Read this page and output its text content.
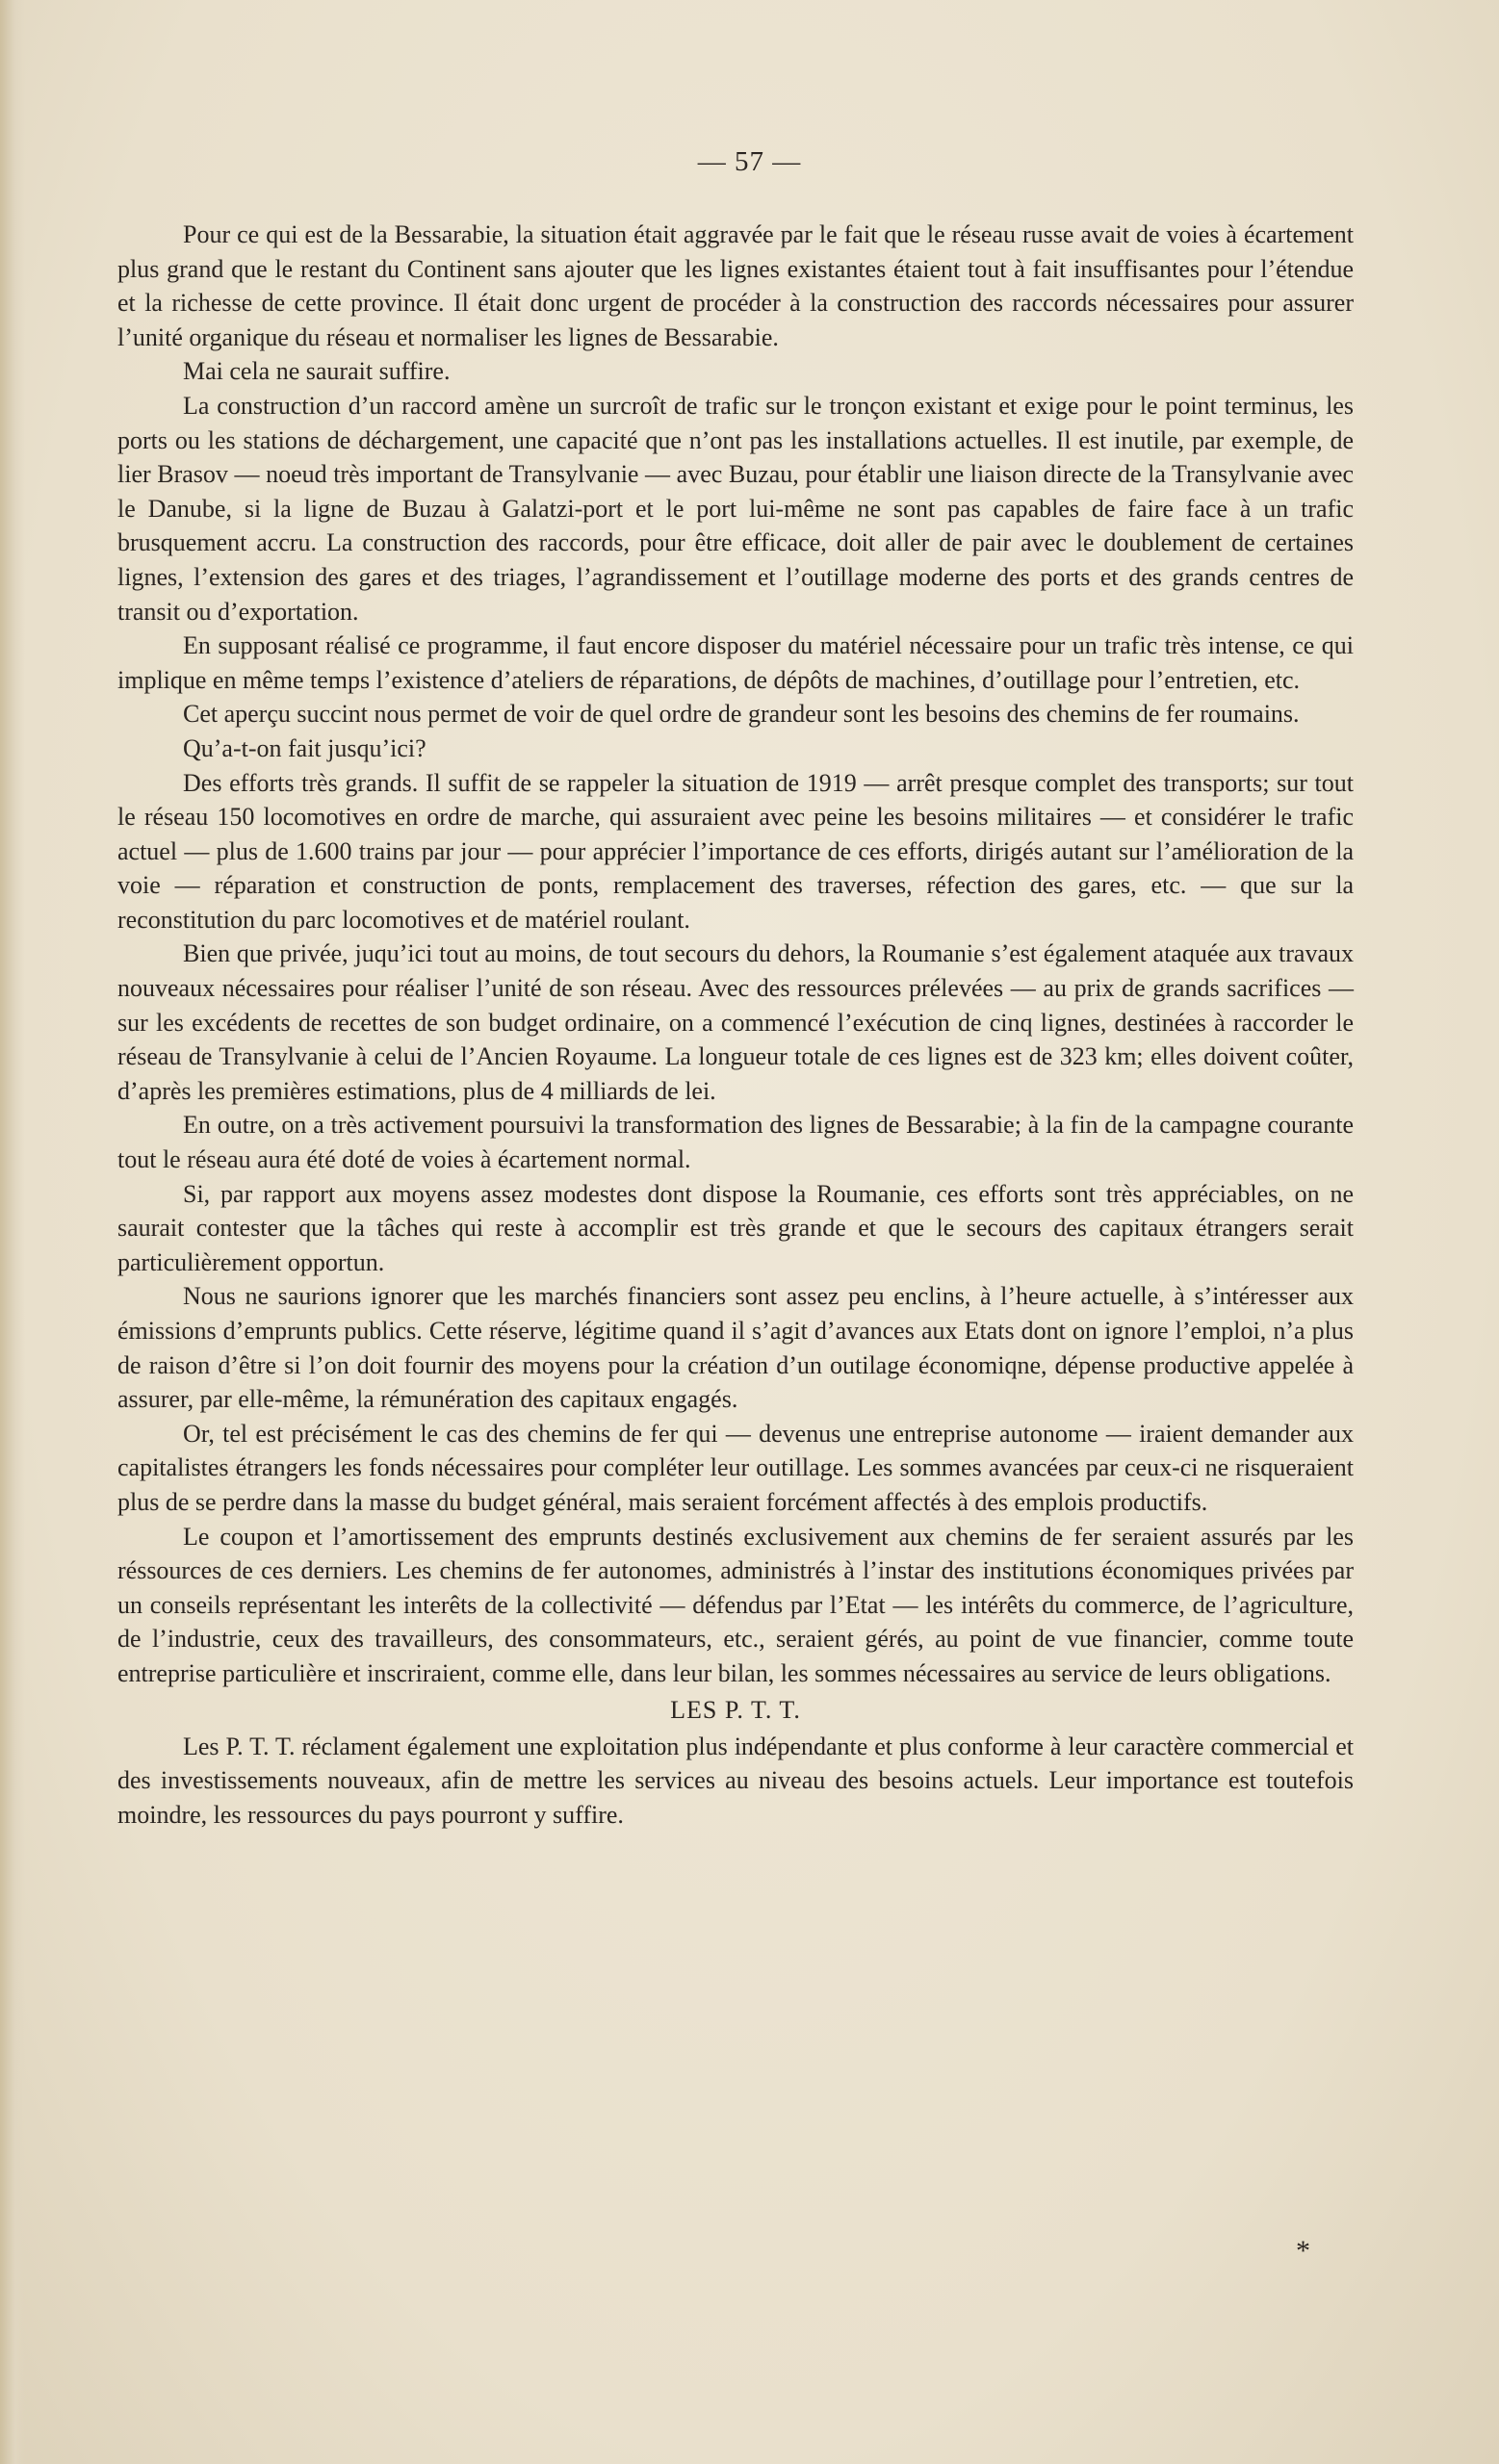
— 57 —

Pour ce qui est de la Bessarabie, la situation était aggravée par le fait que le réseau russe avait de voies à écartement plus grand que le restant du Continent sans ajouter que les lignes existantes étaient tout à fait insuffisantes pour l’étendue et la richesse de cette province. Il était donc urgent de procéder à la construction des raccords nécessaires pour assurer l’unité organique du réseau et normaliser les lignes de Bessarabie.

Mai cela ne saurait suffire.

La construction d’un raccord amène un surcroît de trafic sur le tronçon existant et exige pour le point terminus, les ports ou les stations de déchargement, une capacité que n’ont pas les installations actuelles. Il est inutile, par exemple, de lier Brasov — noeud très important de Transylvanie — avec Buzau, pour établir une liaison directe de la Transylvanie avec le Danube, si la ligne de Buzau à Galatzi-port et le port lui-même ne sont pas capables de faire face à un trafic brusquement accru. La construction des raccords, pour être efficace, doit aller de pair avec le doublement de certaines lignes, l’extension des gares et des triages, l’agrandissement et l’outillage moderne des ports et des grands centres de transit ou d’exportation.

En supposant réalisé ce programme, il faut encore disposer du matériel nécessaire pour un trafic très intense, ce qui implique en même temps l’existence d’ateliers de réparations, de dépôts de machines, d’outillage pour l’entretien, etc.

Cet aperçu succint nous permet de voir de quel ordre de grandeur sont les besoins des chemins de fer roumains.

Qu’a-t-on fait jusqu’ici?

Des efforts très grands. Il suffit de se rappeler la situation de 1919 — arrêt presque complet des transports; sur tout le réseau 150 locomotives en ordre de marche, qui assuraient avec peine les besoins militaires — et considérer le trafic actuel — plus de 1.600 trains par jour — pour apprécier l’importance de ces efforts, dirigés autant sur l’amélioration de la voie — réparation et construction de ponts, remplacement des traverses, réfection des gares, etc. — que sur la reconstitution du parc locomotives et de matériel roulant.

Bien que privée, juqu’ici tout au moins, de tout secours du dehors, la Roumanie s’est également ataquée aux travaux nouveaux nécessaires pour réaliser l’unité de son réseau. Avec des ressources prélevées — au prix de grands sacrifices — sur les excédents de recettes de son budget ordinaire, on a commencé l’exécution de cinq lignes, destinées à raccorder le réseau de Transylvanie à celui de l’Ancien Royaume. La longueur totale de ces lignes est de 323 km; elles doivent coûter, d’après les premières estimations, plus de 4 milliards de lei.

En outre, on a très activement poursuivi la transformation des lignes de Bessarabie; à la fin de la campagne courante tout le réseau aura été doté de voies à écartement normal.

Si, par rapport aux moyens assez modestes dont dispose la Roumanie, ces efforts sont très appréciables, on ne saurait contester que la tâches qui reste à accomplir est très grande et que le secours des capitaux étrangers serait particulièrement opportun.

Nous ne saurions ignorer que les marchés financiers sont assez peu enclins, à l’heure actuelle, à s’intéresser aux émissions d’emprunts publics. Cette réserve, légitime quand il s’agit d’avances aux Etats dont on ignore l’emploi, n’a plus de raison d’être si l’on doit fournir des moyens pour la création d’un outilage économiqne, dépense productive appelée à assurer, par elle-même, la rémunération des capitaux engagés.

Or, tel est précisément le cas des chemins de fer qui — devenus une entreprise autonome — iraient demander aux capitalistes étrangers les fonds nécessaires pour compléter leur outillage. Les sommes avancées par ceux-ci ne risqueraient plus de se perdre dans la masse du budget général, mais seraient forcément affectés à des emplois productifs.

Le coupon et l’amortissement des emprunts destinés exclusivement aux chemins de fer seraient assurés par les réssources de ces derniers. Les chemins de fer autonomes, administrés à l’instar des institutions économiques privées par un conseils représentant les interêts de la collectivité — défendus par l’Etat — les intérêts du commerce, de l’agriculture, de l’industrie, ceux des travailleurs, des consommateurs, etc., seraient gérés, au point de vue financier, comme toute entreprise particulière et inscriraient, comme elle, dans leur bilan, les sommes nécessaires au service de leurs obligations.

LES P. T. T.

Les P. T. T. réclament également une exploitation plus indépendante et plus conforme à leur caractère commercial et des investissements nouveaux, afin de mettre les services au niveau des besoins actuels. Leur importance est toutefois moindre, les ressources du pays pourront y suffire.

*
